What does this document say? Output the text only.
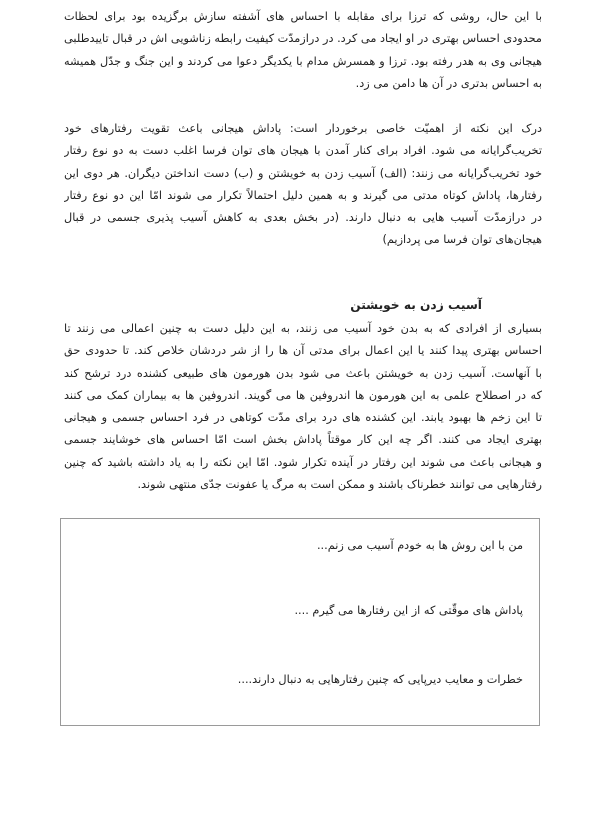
با این حال، روشی که ترزا برای مقابله با احساس های آشفته سازش برگزیده بود برای لحظات
محدودی احساس بهتری در او ایجاد می کرد. در درازمدّت کیفیت رابطه زناشویی اش در قبال تاییدطلبی
هیجانی وی به هدر رفته بود. ترزا و همسرش مدام با یکدیگر دعوا می کردند و این جنگ و جدّل همیشه
به احساس بدتری در آن ها دامن می زد.
درک این نکته از اهمیّت خاصی برخوردار است: پاداش هیجانی باعث تقویت رفتارهای خود
تخریب‌گرایانه می شود. افراد برای کنار آمدن با هیجان های توان فرسا اغلب دست به دو نوع رفتار
خود تخریب‌گرایانه می زنند: (الف) آسیب زدن به خویشتن و (ب) دست انداختن دیگران. هر دوی این
رفتارها، پاداش کوتاه مدتی می گیرند و به همین دلیل احتمالاً تکرار می شوند امّا این دو نوع رفتار
در درازمدّت آسیب هایی به دنبال دارند. (در بخش بعدی به کاهش آسیب پذیری جسمی در قبال
هیجان‌های توان فرسا می پردازیم)
آسیب زدن به خویشتن
بسیاری از افرادی که به بدن خود آسیب می زنند، به این دلیل دست به چنین اعمالی می زنند تا
احساس بهتری پیدا کنند یا این اعمال برای مدتی آن ها را از شر دردشان خلاص کند. تا حدودی حق
با آنهاست. آسیب زدن به خویشتن باعث می شود بدن هورمون های طبیعی کشنده درد ترشح کند
که در اصطلاح علمی به این هورمون ها اندروفین ها می گویند. اندروفین ها به بیماران کمک می کنند
تا این زخم ها بهبود یابند. این کشنده های درد برای مدّت کوتاهی در فرد احساس جسمی و هیجانی
بهتری ایجاد می کنند. اگر چه این کار موقتاً پاداش بخش است امّا احساس های خوشایند جسمی
و هیجانی باعث می شوند این رفتار در آینده تکرار شود. امّا این نکته را به یاد داشته باشید که چنین
رفتارهایی می توانند خطرناک باشند و ممکن است به مرگ یا عفونت جدّی منتهی شوند.
من با این روش ها به خودم آسیب می زنم...
پاداش های موقّتی که از این رفتارها می گیرم ....
خطرات و معایب دیرپایی که چنین رفتارهایی به دنبال دارند....
